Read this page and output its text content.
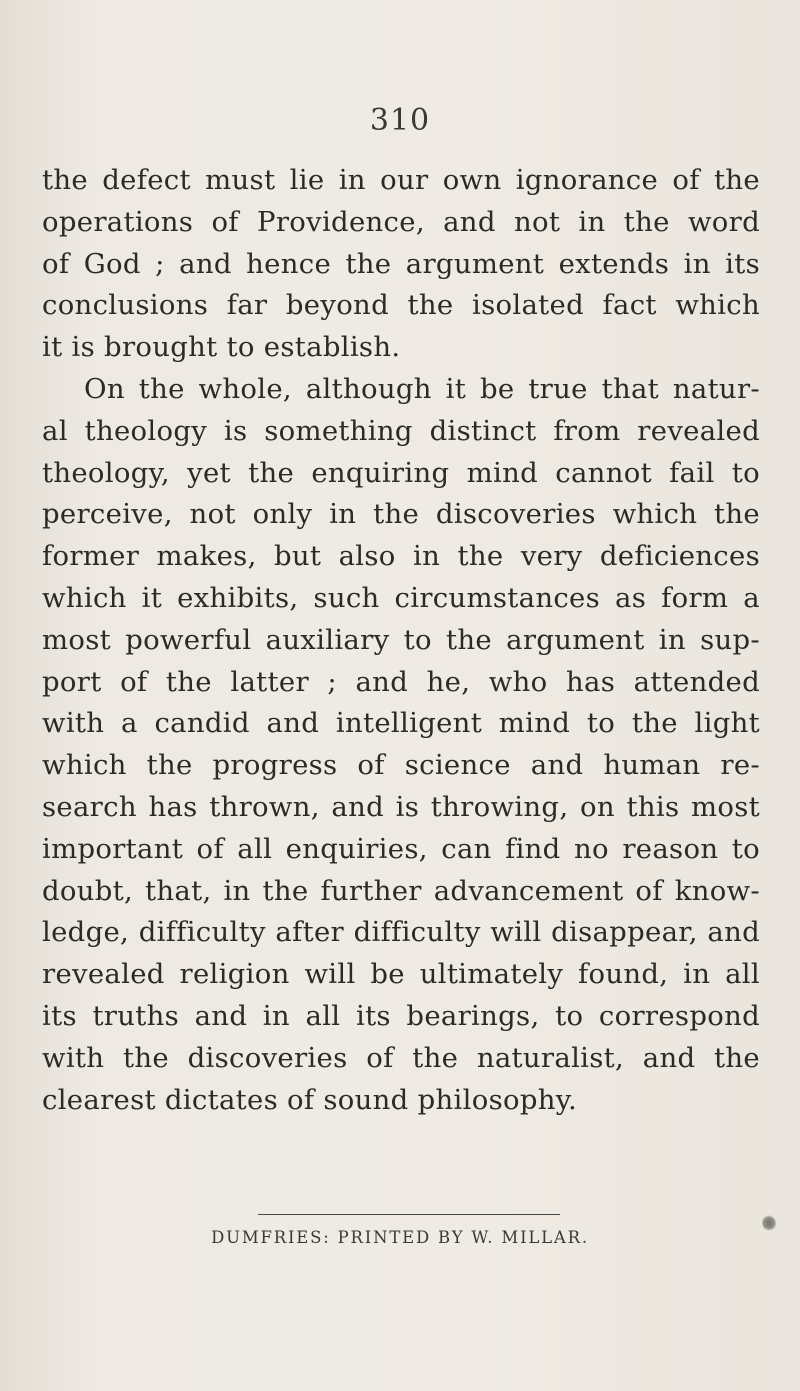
310
the defect must lie in our own ignorance of the
operations of Providence, and not in the word
of God ; and hence the argument extends in its
conclusions far beyond the isolated fact which
it is brought to establish.
On the whole, although it be true that natur-
al theology is something distinct from revealed
theology, yet the enquiring mind cannot fail to
perceive, not only in the discoveries which the
former makes, but also in the very deficiences
which it exhibits, such circumstances as form a
most powerful auxiliary to the argument in sup-
port of the latter ; and he, who has attended
with a candid and intelligent mind to the light
which the progress of science and human re-
search has thrown, and is throwing, on this most
important of all enquiries, can find no reason to
doubt, that, in the further advancement of know-
ledge, difficulty after difficulty will disappear, and
revealed religion will be ultimately found, in all
its truths and in all its bearings, to correspond
with the discoveries of the naturalist, and the
clearest dictates of sound philosophy.
DUMFRIES: PRINTED BY W. MILLAR.
